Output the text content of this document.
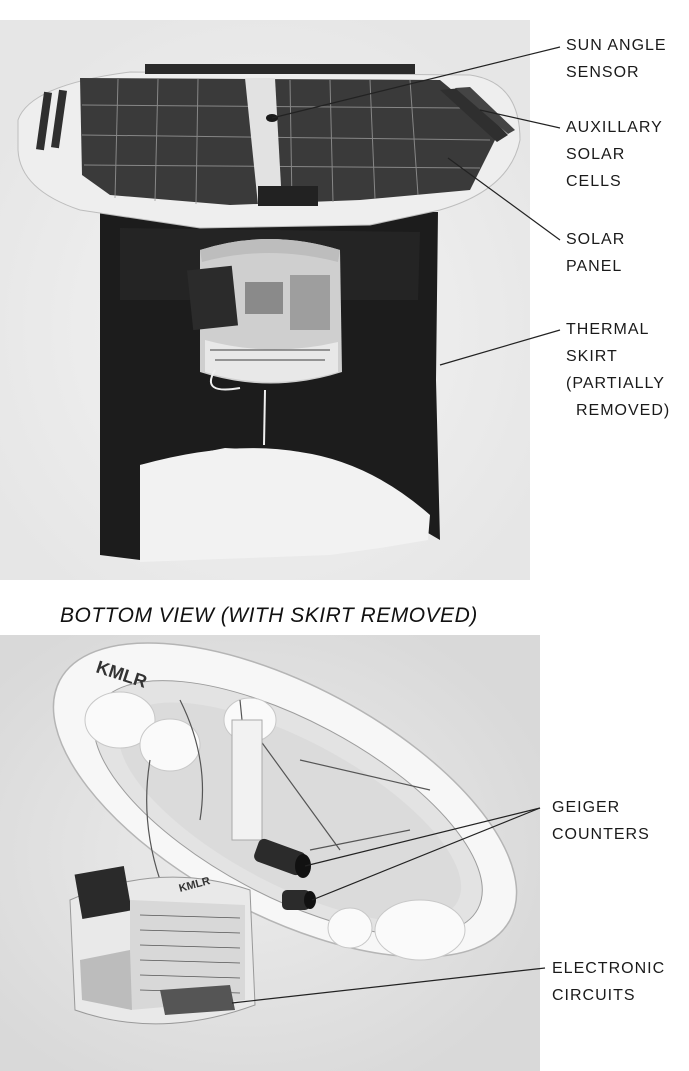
KMLR
KMLR
SUN ANGLE
SENSOR
AUXILLARY
SOLAR
CELLS
SOLAR
PANEL
THERMAL
SKIRT
(PARTIALLY
REMOVED)
BOTTOM VIEW (WITH SKIRT REMOVED)
GEIGER
COUNTERS
ELECTRONIC
CIRCUITS
